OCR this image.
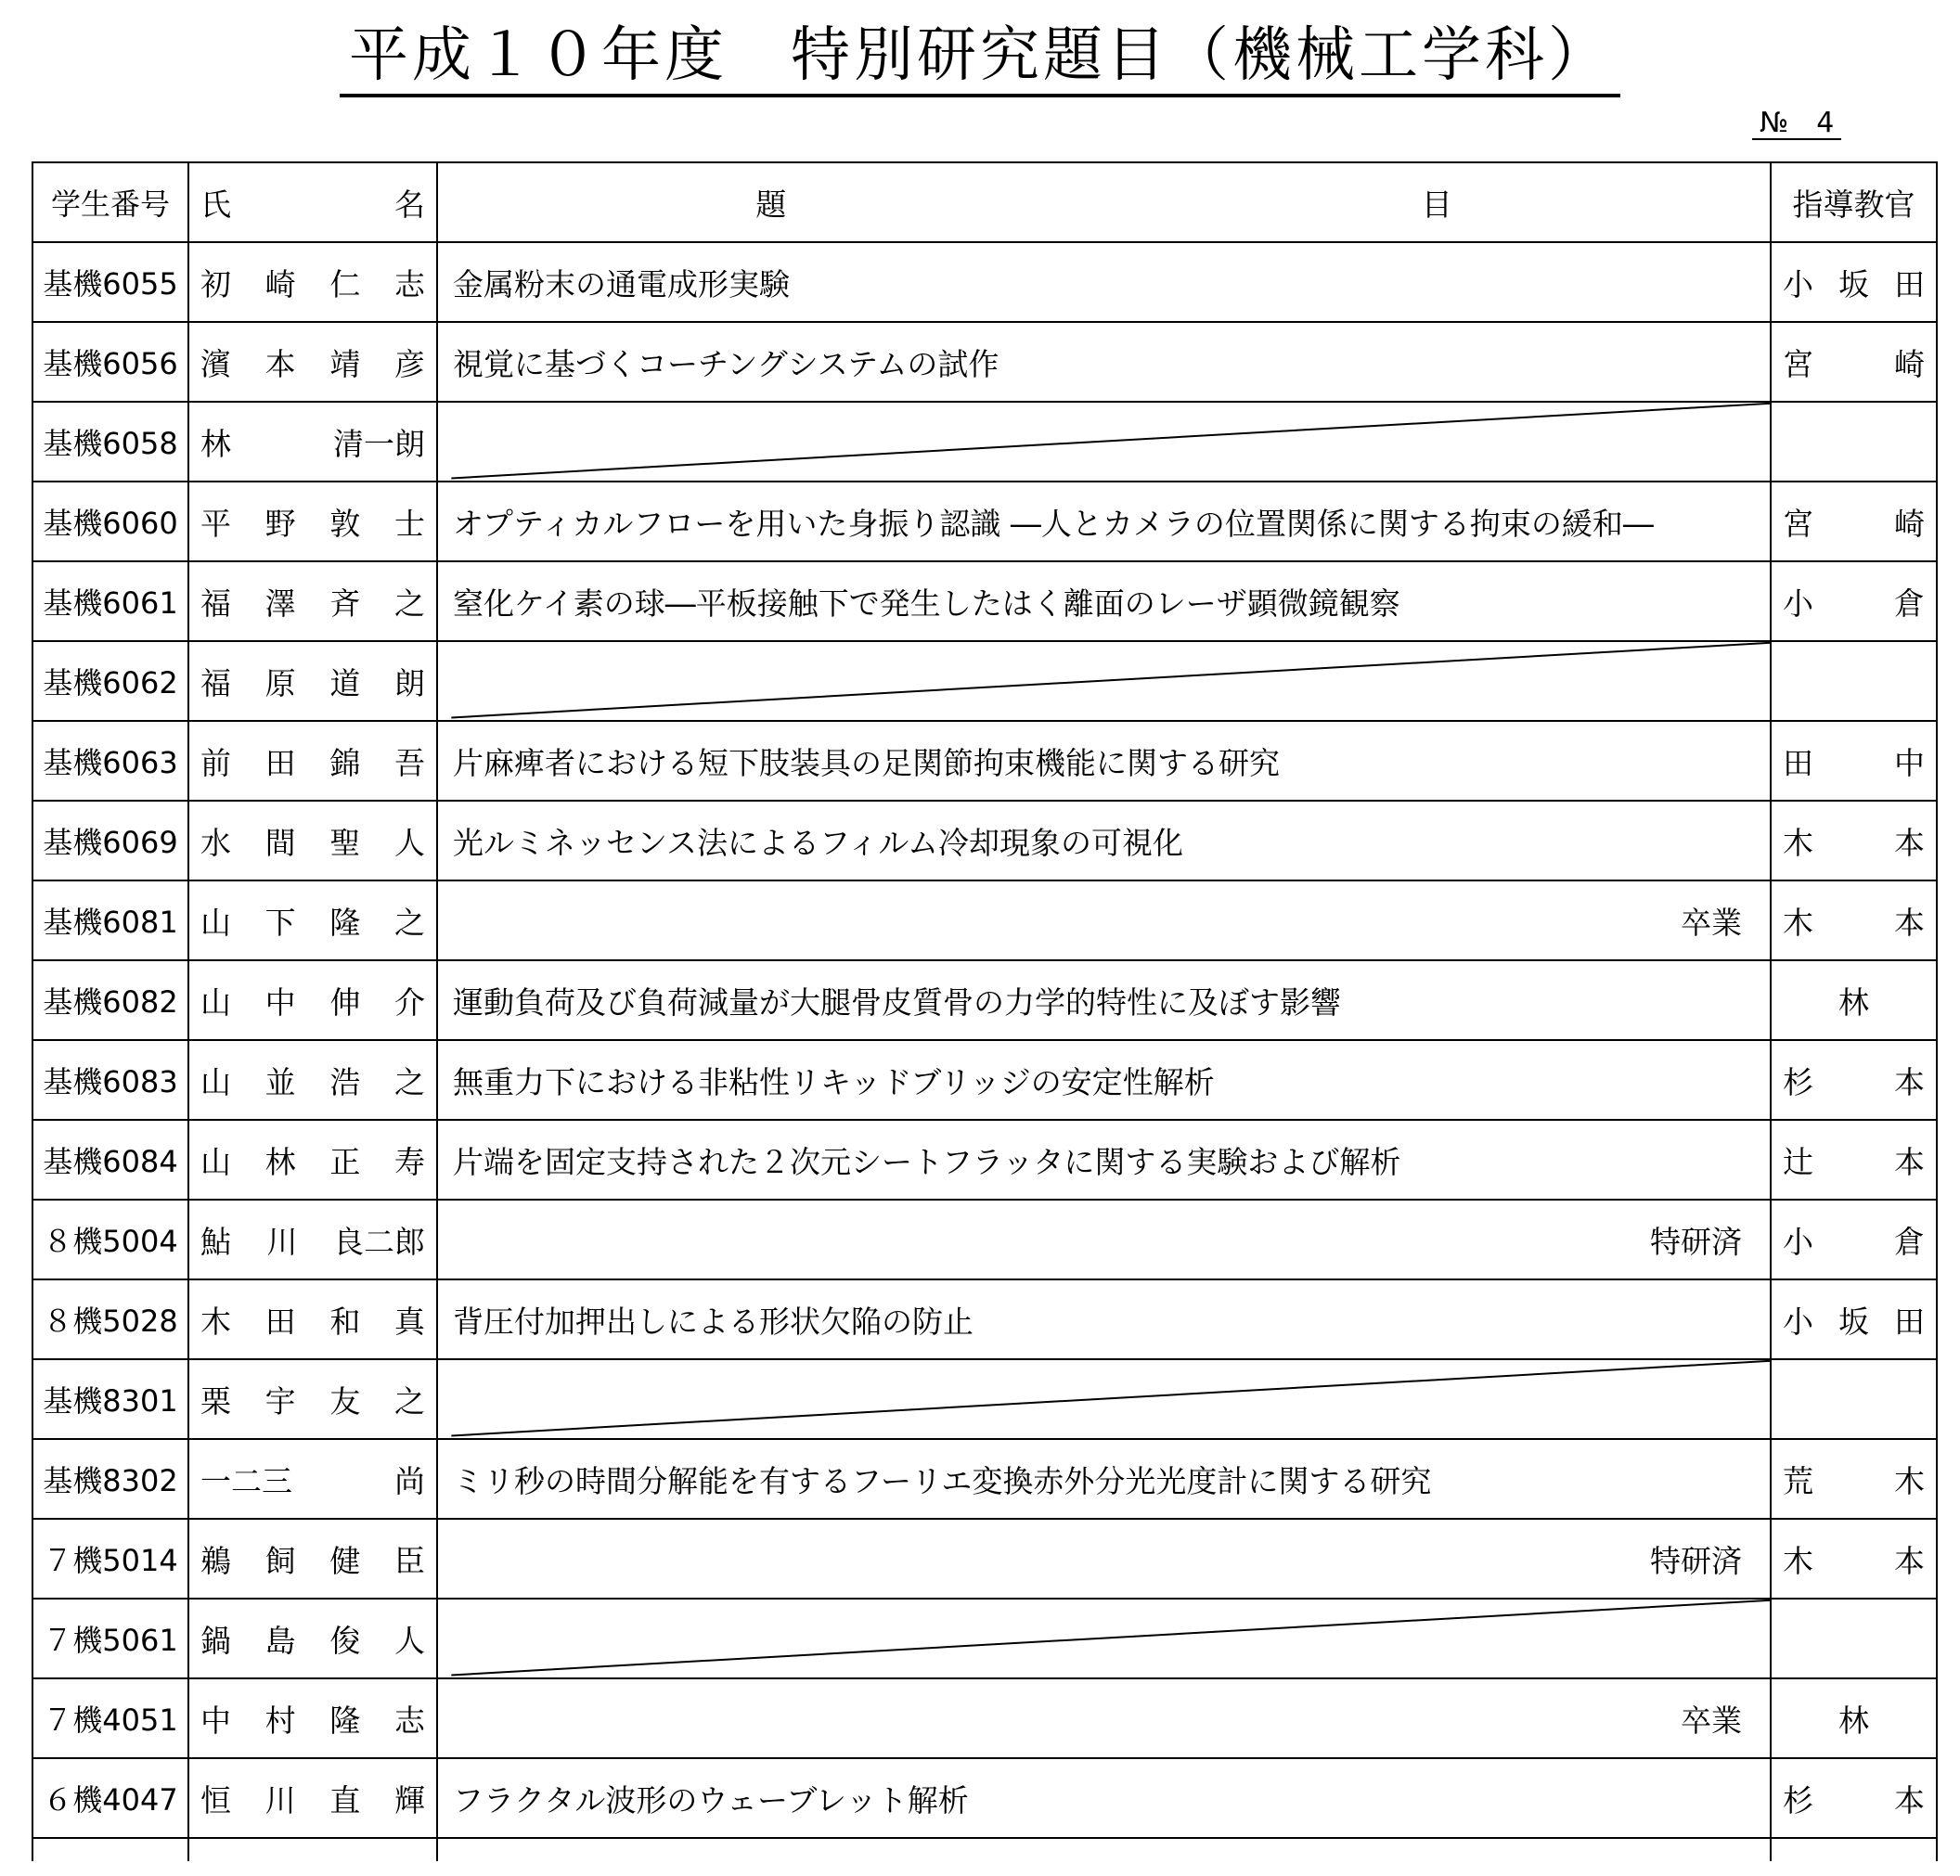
平成１０年度　特別研究題目（機械工学科）
№　4
学生番号	氏 名	題 目	指導教官
基機6055	初 崎 仁 志	金属粉末の通電成形実験	小 坂 田

基機6056	濱 本 靖 彦	視覚に基づくコーチングシステムの試作	宮 崎

基機6058	林 清一朗

基機6060	平 野 敦 士	オプティカルフローを用いた身振り認識 ―人とカメラの位置関係に関する拘束の緩和―	宮 崎

基機6061	福 澤 斉 之	窒化ケイ素の球―平板接触下で発生したはく離面のレーザ顕微鏡観察	小 倉

基機6062	福 原 道 朗

基機6063	前 田 錦 吾	片麻痺者における短下肢装具の足関節拘束機能に関する研究	田 中

基機6069	水 間 聖 人	光ルミネッセンス法によるフィルム冷却現象の可視化	木 本

基機6081	山 下 隆 之	卒業	木 本

基機6082	山 中 伸 介	運動負荷及び負荷減量が大腿骨皮質骨の力学的特性に及ぼす影響	林

基機6083	山 並 浩 之	無重力下における非粘性リキッドブリッジの安定性解析	杉 本

基機6084	山 林 正 寿	片端を固定支持された２次元シートフラッタに関する実験および解析	辻 本

８機5004	鮎 川 良二郎	特研済	小 倉

８機5028	木 田 和 真	背圧付加押出しによる形状欠陥の防止	小 坂 田

基機8301	栗 宇 友 之

基機8302	一二三 尚	ミリ秒の時間分解能を有するフーリエ変換赤外分光光度計に関する研究	荒 木

７機5014	鵜 飼 健 臣	特研済	木 本

７機5061	鍋 島 俊 人

７機4051	中 村 隆 志	卒業	林

６機4047	恒 川 直 輝	フラクタル波形のウェーブレット解析	杉 本
